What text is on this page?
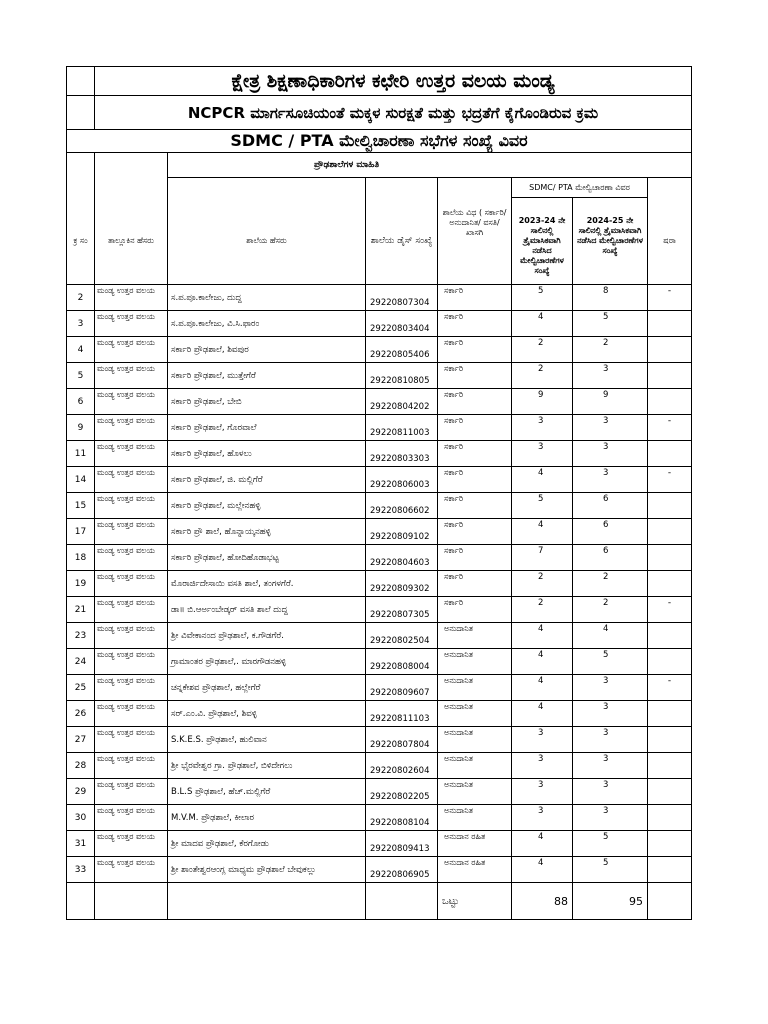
	ಕ್ಷೇತ್ರ ಶಿಕ್ಷಣಾಧಿಕಾರಿಗಳ ಕಛೇರಿ ಉತ್ತರ ವಲಯ ಮಂಡ್ಯ						
	NCPCR ಮಾರ್ಗಸೂಚಿಯಂತೆ ಮಕ್ಕಳ ಸುರಕ್ಷತೆ ಮತ್ತು ಭದ್ರತೆಗೆ ಕೈಗೊಂಡಿರುವ ಕ್ರಮ						
SDMC / PTA ಮೇಲ್ವಿಚಾರಣಾ ಸಭೆಗಳ ಸಂಖ್ಯೆ ವಿವರ							
		ಪ್ರೌಢಶಾಲೆಗಳ ಮಾಹಿತಿ					
					SDMC/ PTA ಮೇಲ್ವಿಚಾರಣಾ ವಿವರ		
ಕ್ರ ಸಂ	ತಾಲ್ಲೂಕಿನ ಹೆಸರು	ಶಾಲೆಯ ಹೆಸರು	ಶಾಲೆಯ ಡೈಸ್ ಸಂಖ್ಯೆ	ಶಾಲೆಯ ವಿಧ ( ಸರ್ಕಾರಿ/ ಅನುದಾನಿತ/ ವಸತಿ/ ಖಾಸಗಿ	2023-24 ನೇ ಸಾಲಿನಲ್ಲಿ ತ್ರೈಮಾಸಿಕವಾಗಿ ನಡೆಸಿದ ಮೇಲ್ವಿಚಾರಣೆಗಳ ಸಂಖ್ಯೆ	2024-25 ನೇ ಸಾಲಿನಲ್ಲಿ ತ್ರೈಮಾಸಿಕವಾಗಿ ನಡೆಸಿದ ಮೇಲ್ವಿಚಾರಣೆಗಳ ಸಂಖ್ಯೆ	ಷರಾ
2	ಮಂಡ್ಯ ಉತ್ತರ ವಲಯ	ಸ.ಪ.ಪೂ.ಕಾಲೇಜು, ದುದ್ದ	29220807304	ಸರ್ಕಾರಿ	5	8	-
3	ಮಂಡ್ಯ ಉತ್ತರ ವಲಯ	ಸ.ಪ.ಪೂ.ಕಾಲೇಜು, ವಿ.ಸಿ.ಫಾರಂ	29220803404	ಸರ್ಕಾರಿ	4	5	
4	ಮಂಡ್ಯ ಉತ್ತರ ವಲಯ	ಸರ್ಕಾರಿ ಪ್ರೌಢಶಾಲೆ, ಶಿವಪುರ	29220805406	ಸರ್ಕಾರಿ	2	2	
5	ಮಂಡ್ಯ ಉತ್ತರ ವಲಯ	ಸರ್ಕಾರಿ ಪ್ರೌಢಶಾಲೆ, ಮುತ್ತೇಗೆರೆ	29220810805	ಸರ್ಕಾರಿ	2	3	
6	ಮಂಡ್ಯ ಉತ್ತರ ವಲಯ	ಸರ್ಕಾರಿ ಪ್ರೌಢಶಾಲೆ, ಬೇಬಿ	29220804202	ಸರ್ಕಾರಿ	9	9	
9	ಮಂಡ್ಯ ಉತ್ತರ ವಲಯ	ಸರ್ಕಾರಿ ಪ್ರೌಢಶಾಲೆ, ಗೊರವಾಲೆ	29220811003	ಸರ್ಕಾರಿ	3	3	-
11	ಮಂಡ್ಯ ಉತ್ತರ ವಲಯ	ಸರ್ಕಾರಿ ಪ್ರೌಢಶಾಲೆ, ಹೊಳಲು	29220803303	ಸರ್ಕಾರಿ	3	3	
14	ಮಂಡ್ಯ ಉತ್ತರ ವಲಯ	ಸರ್ಕಾರಿ ಪ್ರೌಢಶಾಲೆ, ಜಿ. ಮಲ್ಲಿಗೆರೆ	29220806003	ಸರ್ಕಾರಿ	4	3	-
15	ಮಂಡ್ಯ ಉತ್ತರ ವಲಯ	ಸರ್ಕಾರಿ ಪ್ರೌಢಶಾಲೆ, ಮಲ್ಲೇನಹಳ್ಳಿ	29220806602	ಸರ್ಕಾರಿ	5	6	
17	ಮಂಡ್ಯ ಉತ್ತರ ವಲಯ	ಸರ್ಕಾರಿ ಪ್ರೌ ಶಾಲೆ, ಹೊನ್ನಾಯ್ಕನಹಳ್ಳಿ	29220809102	ಸರ್ಕಾರಿ	4	6	
18	ಮಂಡ್ಯ ಉತ್ತರ ವಲಯ	ಸರ್ಕಾರಿ ಪ್ರೌಢಶಾಲೆ, ಹೋದಿಹೊಡಾಭಟ್ಟ	29220804603	ಸರ್ಕಾರಿ	7	6	
19	ಮಂಡ್ಯ ಉತ್ತರ ವಲಯ	ಮೊರಾರ್ಜಿದೇಸಾಯಿ ವಸತಿ ಶಾಲೆ, ತಂಗಳಗೆರೆ.	29220809302	ಸರ್ಕಾರಿ	2	2	
21	ಮಂಡ್ಯ ಉತ್ತರ ವಲಯ	ಡಾ॥ ಬಿ.ಆರ್ಅಂಬೇಡ್ಕರ್ ವಸತಿ ಶಾಲೆ ದುದ್ದ	29220807305	ಸರ್ಕಾರಿ	2	2	-
23	ಮಂಡ್ಯ ಉತ್ತರ ವಲಯ	ಶ್ರೀ ವಿವೇಕಾನಂದ ಪ್ರೌಢಶಾಲೆ, ಕ.ಗೌಡಗೆರೆ.	29220802504	ಅನುದಾನಿತ	4	4	
24	ಮಂಡ್ಯ ಉತ್ತರ ವಲಯ	ಗ್ರಾಮಾಂತರ ಪ್ರೌಢಶಾಲೆ,. ಮಾರಗೌಡನಹಳ್ಳಿ	29220808004	ಅನುದಾನಿತ	4	5	
25	ಮಂಡ್ಯ ಉತ್ತರ ವಲಯ	ಚನ್ನಕೇಶವ ಪ್ರೌಢಶಾಲೆ, ಹಲ್ಲೇಗೆರೆ	29220809607	ಅನುದಾನಿತ	4	3	-
26	ಮಂಡ್ಯ ಉತ್ತರ ವಲಯ	ಸರ್.ಎಂ.ವಿ. ಪ್ರೌಢಶಾಲೆ, ಶಿವಳ್ಳಿ	29220811103	ಅನುದಾನಿತ	4	3	
27	ಮಂಡ್ಯ ಉತ್ತರ ವಲಯ	S.K.E.S. ಪ್ರೌಢಶಾಲೆ, ಹುಲಿವಾನ	29220807804	ಅನುದಾನಿತ	3	3	
28	ಮಂಡ್ಯ ಉತ್ತರ ವಲಯ	ಶ್ರೀ ಭೈರವೇಶ್ವರ ಗ್ರಾ. ಪ್ರೌಢಶಾಲೆ, ಬಿಳಿದೇಗಲು	29220802604	ಅನುದಾನಿತ	3	3	
29	ಮಂಡ್ಯ ಉತ್ತರ ವಲಯ	B.L.S ಪ್ರೌಢಶಾಲೆ, ಹೆಚ್.ಮಲ್ಲಿಗೆರೆ	29220802205	ಅನುದಾನಿತ	3	3	
30	ಮಂಡ್ಯ ಉತ್ತರ ವಲಯ	M.V.M. ಪ್ರೌಢಶಾಲೆ, ಕೀಲಾರ	29220808104	ಅನುದಾನಿತ	3	3	
31	ಮಂಡ್ಯ ಉತ್ತರ ವಲಯ	ಶ್ರೀ ಮಾದವ ಪ್ರೌಢಶಾಲೆ, ಕೆರಗೋಡು	29220809413	ಅನುದಾನ ರಹಿತ	4	5	
33	ಮಂಡ್ಯ ಉತ್ತರ ವಲಯ	ಶ್ರೀ ಶಾಂತೇಶ್ವರಆಂಗ್ಲ ಮಾಧ್ಯಮ ಪ್ರೌಢಶಾಲೆ ಬೇವುಕಲ್ಲು	29220806905	ಅನುದಾನ ರಹಿತ	4	5	
				ಒಟ್ಟು	88	95	
